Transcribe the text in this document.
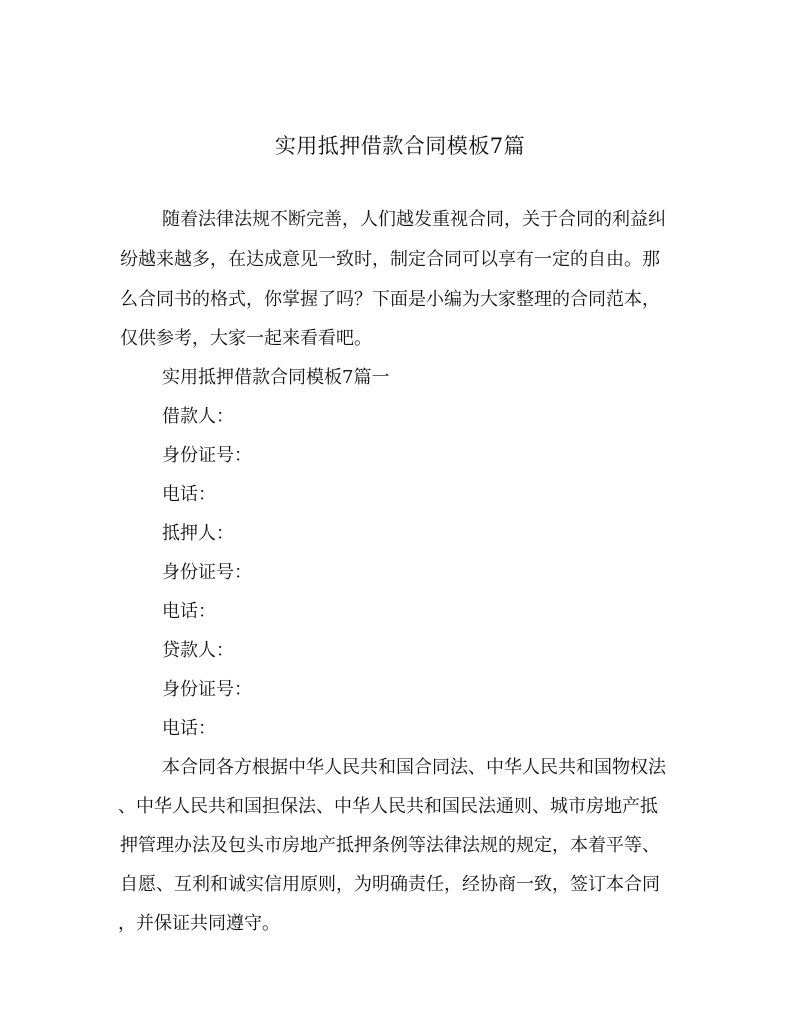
实用抵押借款合同模板7篇
随着法律法规不断完善，人们越发重视合同，关于合同的利益纠
纷越来越多，在达成意见一致时，制定合同可以享有一定的自由。那
么合同书的格式，你掌握了吗？下面是小编为大家整理的合同范本，
仅供参考，大家一起来看看吧。
实用抵押借款合同模板7篇一
借款人：
身份证号：
电话：
抵押人：
身份证号：
电话：
贷款人：
身份证号：
电话：
本合同各方根据中华人民共和国合同法、中华人民共和国物权法
、中华人民共和国担保法、中华人民共和国民法通则、城市房地产抵
押管理办法及包头市房地产抵押条例等法律法规的规定，本着平等、
自愿、互利和诚实信用原则，为明确责任，经协商一致，签订本合同
，并保证共同遵守。
